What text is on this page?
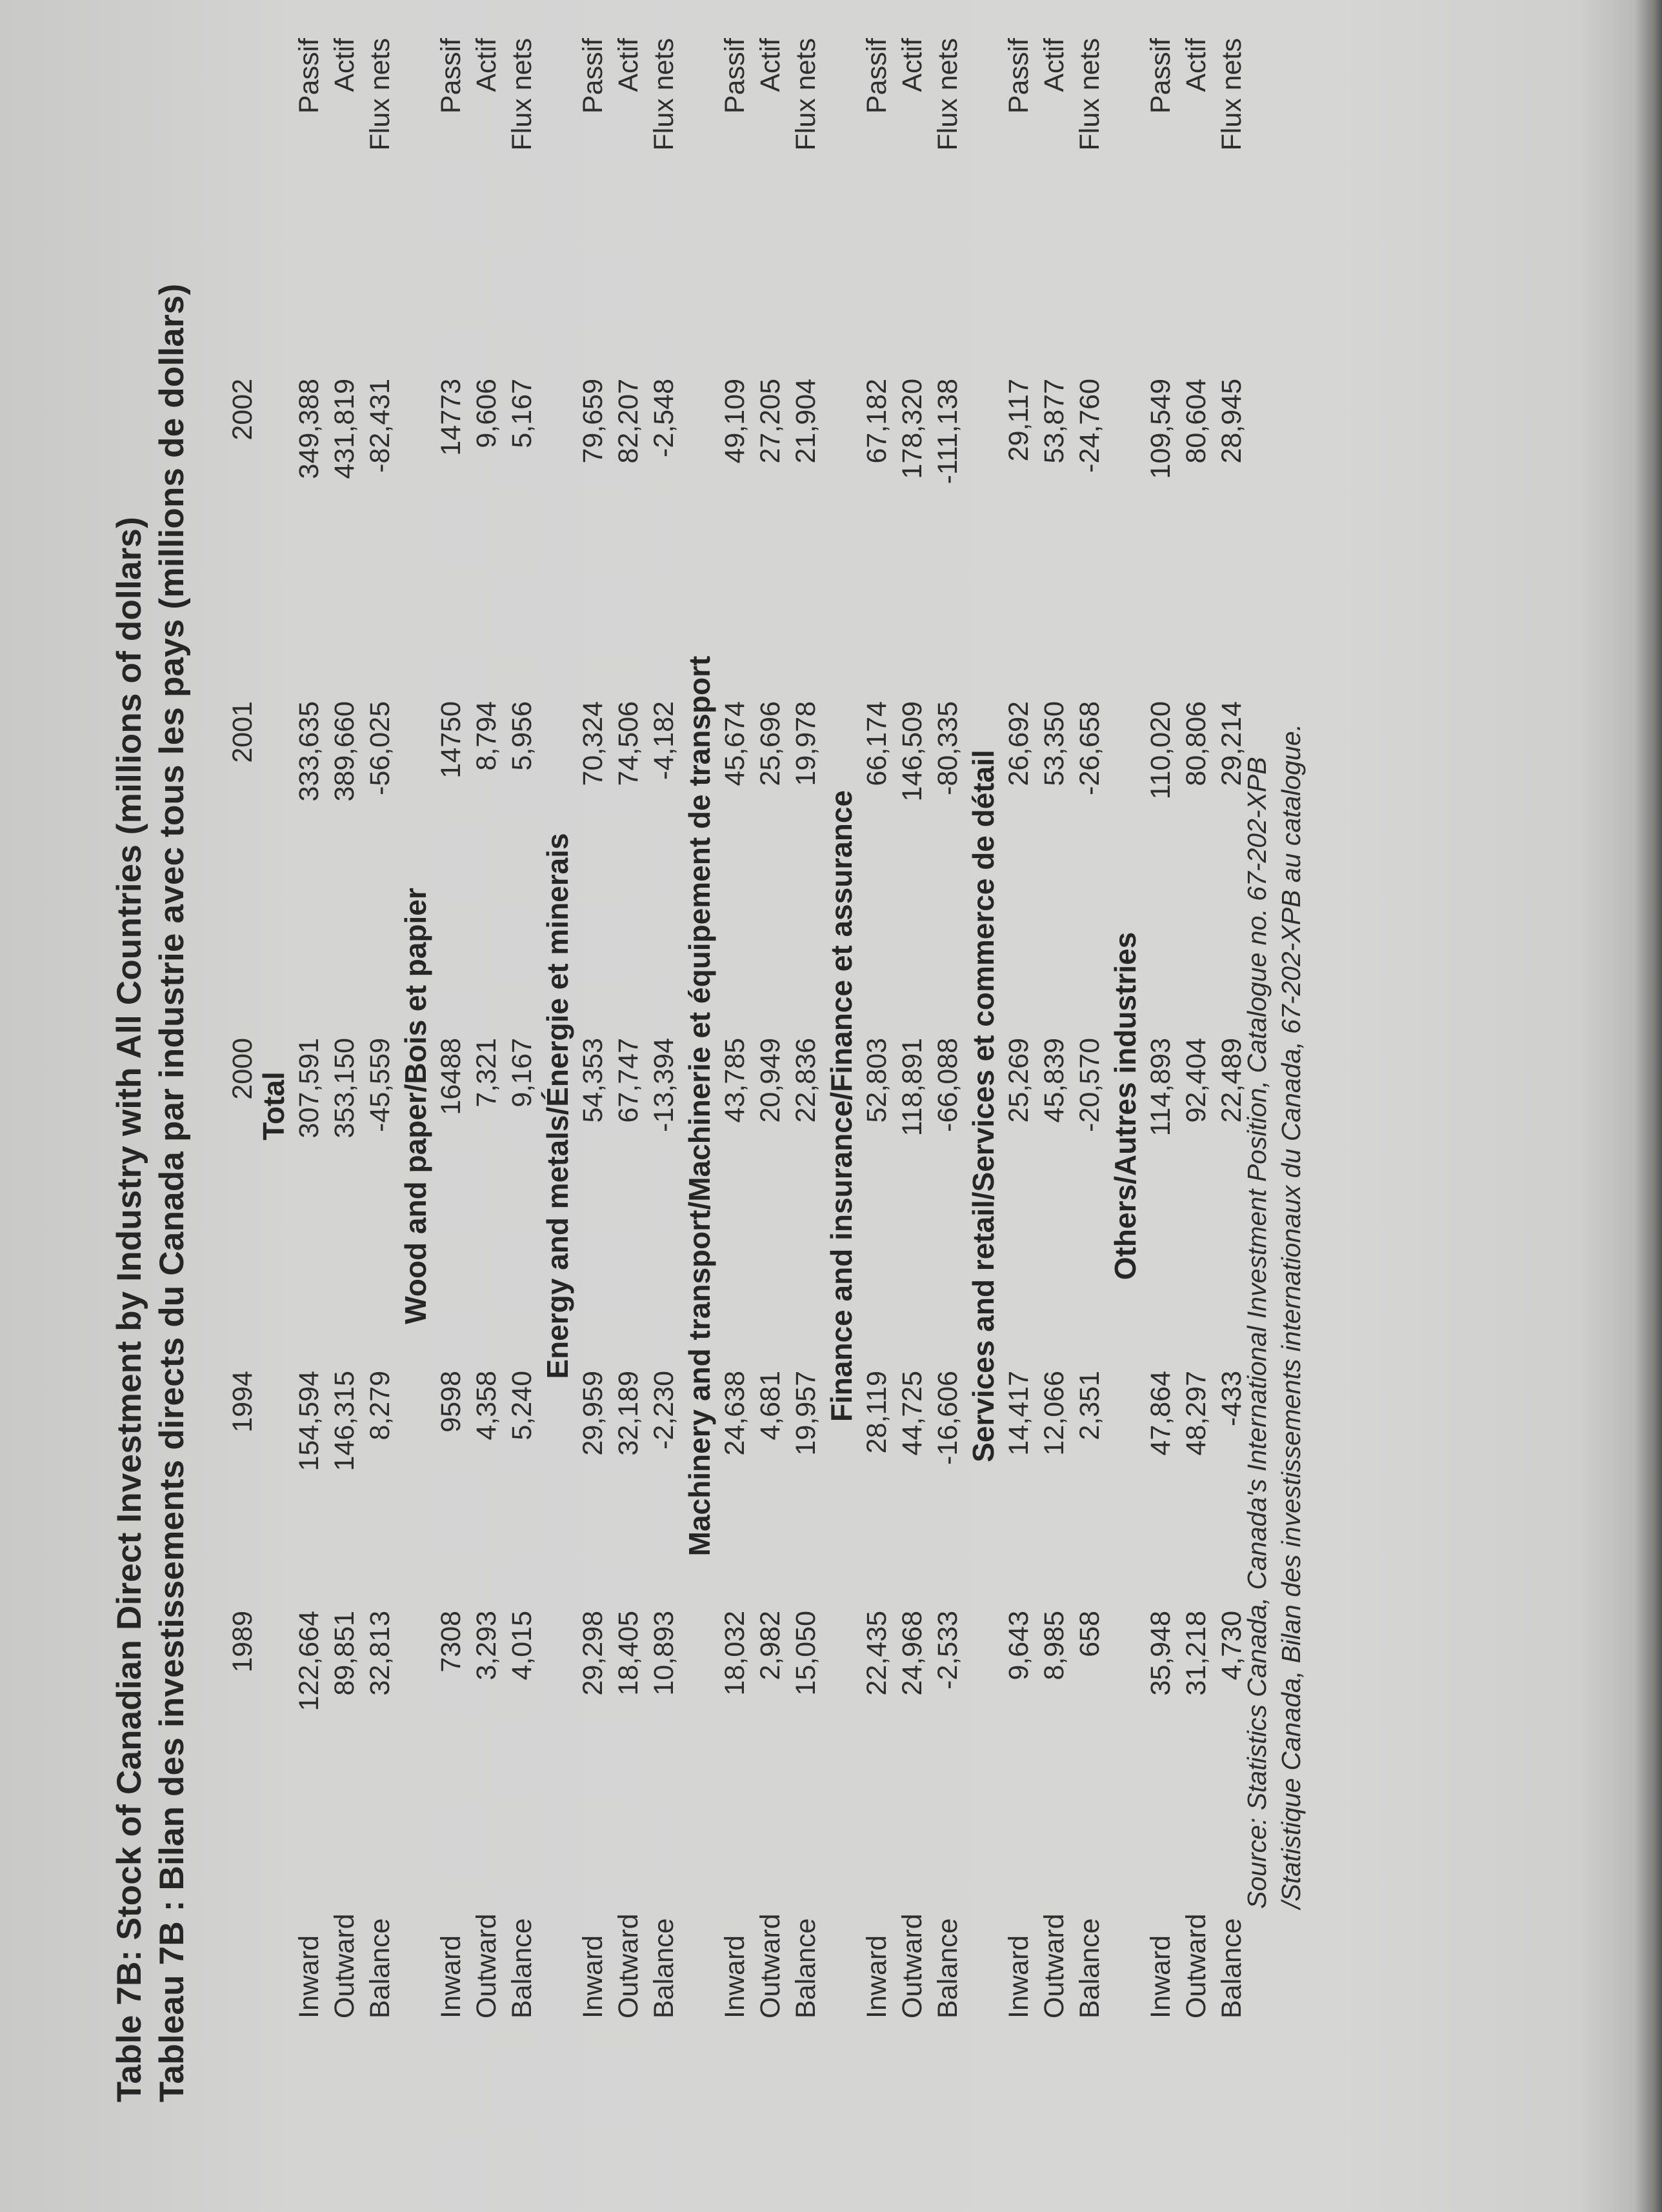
Table 7B: Stock of Canadian Direct Investment by Industry with All Countries (millions of dollars) Tableau 7B : Bilan des investissements directs du Canada par industrie avec tous les pays (millions de dollars) 1989
1994
2000
2001
2002
Total
Inward
122,664
154,594
307,591
333,635
349,388
Passif
Outward
89,851
146,315
353,150
389,660
431,819
Actif
Balance
32,813
8,279
-45,559
-56,025
-82,431
Flux nets
Wood and paper/Bois et papier
Inward
7308
9598
16488
14750
14773
Passif
Outward
3,293
4,358
7,321
8,794
9,606
Actif
Balance
4,015
5,240
9,167
5,956
5,167
Flux nets
Energy and metals/Énergie et minerais
Inward
29,298
29,959
54,353
70,324
79,659
Passif
Outward
18,405
32,189
67,747
74,506
82,207
Actif
Balance
10,893
-2,230
-13,394
-4,182
-2,548
Flux nets
Machinery and transport/Machinerie et équipement de transport
Inward
18,032
24,638
43,785
45,674
49,109
Passif
Outward
2,982
4,681
20,949
25,696
27,205
Actif
Balance
15,050
19,957
22,836
19,978
21,904
Flux nets
Finance and insurance/Finance et assurance
Inward
22,435
28,119
52,803
66,174
67,182
Passif
Outward
24,968
44,725
118,891
146,509
178,320
Actif
Balance
-2,533
-16,606
-66,088
-80,335
-111,138
Flux nets
Services and retail/Services et commerce de détail
Inward
9,643
14,417
25,269
26,692
29,117
Passif
Outward
8,985
12,066
45,839
53,350
53,877
Actif
Balance
658
2,351
-20,570
-26,658
-24,760
Flux nets
Others/Autres industries
Inward
35,948
47,864
114,893
110,020
109,549
Passif
Outward
31,218
48,297
92,404
80,806
80,604
Actif
Balance
4,730
-433
22,489
29,214
28,945
Flux nets
Source: Statistics Canada, Canada's International Investment Position, Catalogue no. 67-202-XPB /Statistique Canada, Bilan des investissements internationaux du Canada, 67-202-XPB au catalogue.
